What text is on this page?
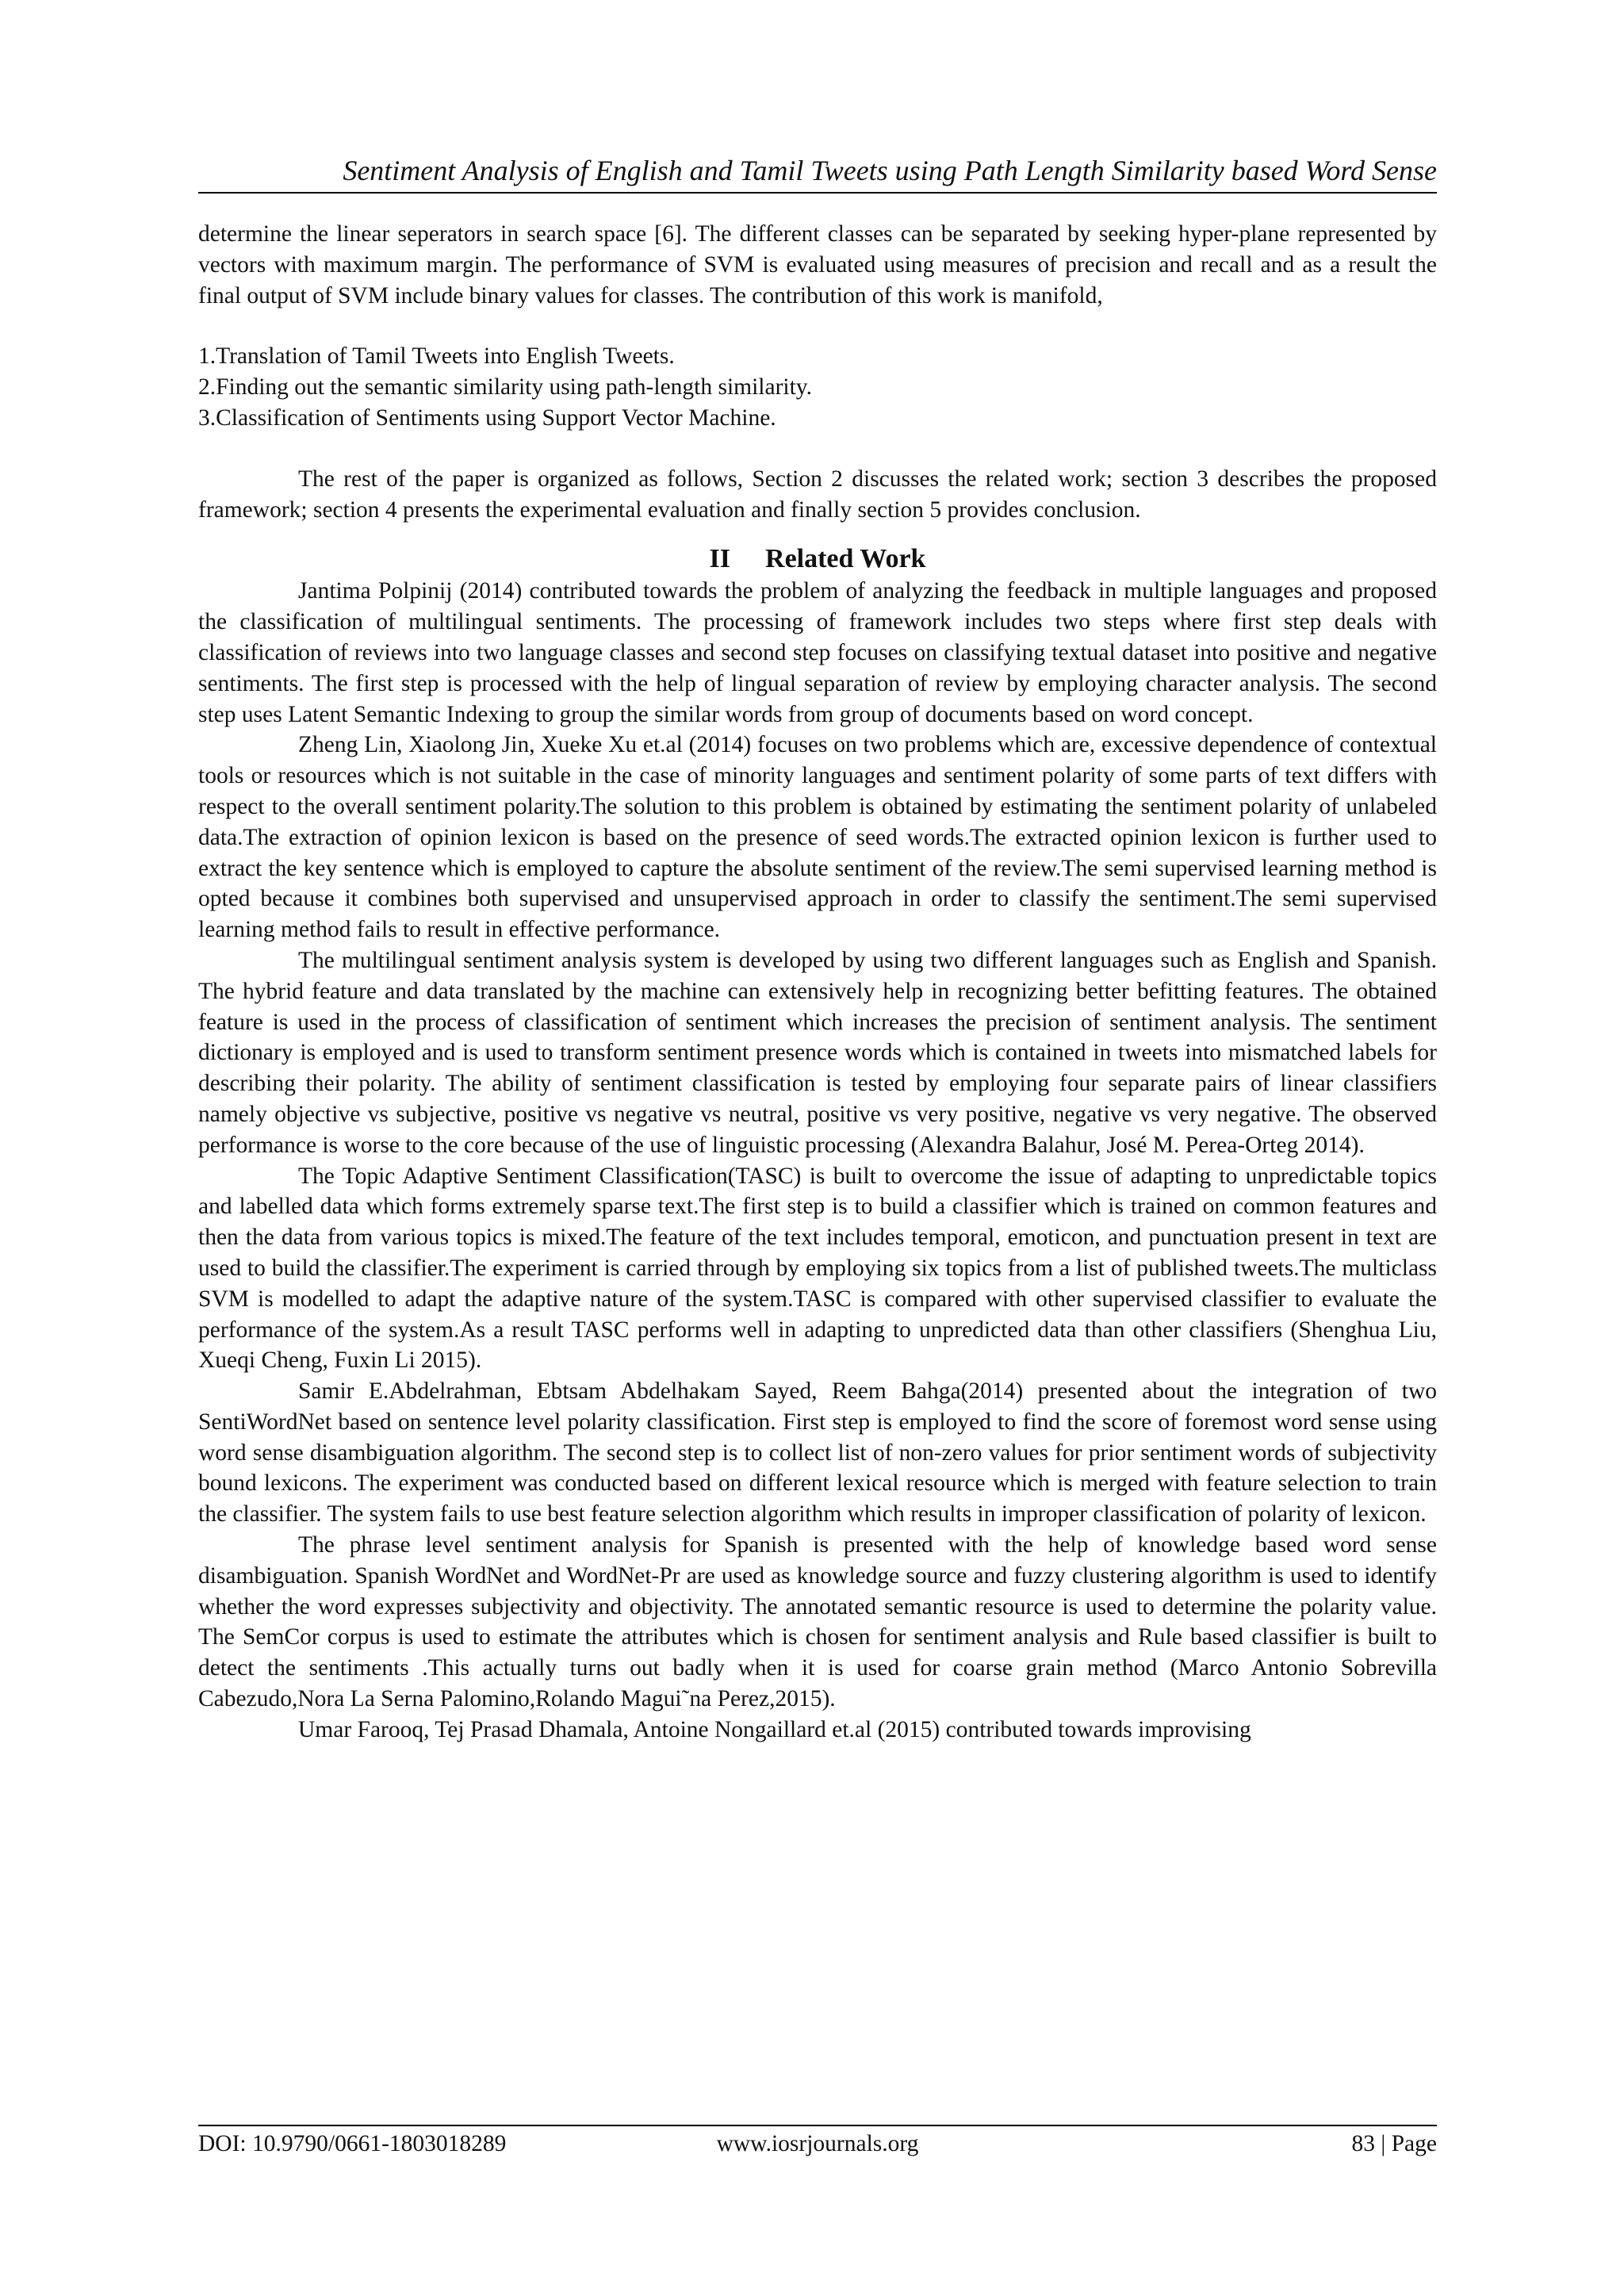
Sentiment Analysis of English and Tamil Tweets using Path Length Similarity based Word Sense

determine the linear seperators in search space [6]. The different classes can be separated by seeking hyper-plane represented by vectors with maximum margin. The performance of SVM is evaluated using measures of precision and recall and as a result the final output of SVM include binary values for classes. The contribution of this work is manifold,

1.Translation of Tamil Tweets into English Tweets.
2.Finding out the semantic similarity using path-length similarity.
3.Classification of Sentiments using Support Vector Machine.

The rest of the paper is organized as follows, Section 2 discusses the related work; section 3 describes the proposed framework; section 4 presents the experimental evaluation and finally section 5 provides conclusion.

II Related Work

Jantima Polpinij (2014) contributed towards the problem of analyzing the feedback in multiple languages and proposed the classification of multilingual sentiments. The processing of framework includes two steps where first step deals with classification of reviews into two language classes and second step focuses on classifying textual dataset into positive and negative sentiments. The first step is processed with the help of lingual separation of review by employing character analysis. The second step uses Latent Semantic Indexing to group the similar words from group of documents based on word concept.

Zheng Lin, Xiaolong Jin, Xueke Xu et.al (2014) focuses on two problems which are, excessive dependence of contextual tools or resources which is not suitable in the case of minority languages and sentiment polarity of some parts of text differs with respect to the overall sentiment polarity.The solution to this problem is obtained by estimating the sentiment polarity of unlabeled data.The extraction of opinion lexicon is based on the presence of seed words.The extracted opinion lexicon is further used to extract the key sentence which is employed to capture the absolute sentiment of the review.The semi supervised learning method is opted because it combines both supervised and unsupervised approach in order to classify the sentiment.The semi supervised learning method fails to result in effective performance.

The multilingual sentiment analysis system is developed by using two different languages such as English and Spanish. The hybrid feature and data translated by the machine can extensively help in recognizing better befitting features. The obtained feature is used in the process of classification of sentiment which increases the precision of sentiment analysis. The sentiment dictionary is employed and is used to transform sentiment presence words which is contained in tweets into mismatched labels for describing their polarity. The ability of sentiment classification is tested by employing four separate pairs of linear classifiers namely objective vs subjective, positive vs negative vs neutral, positive vs very positive, negative vs very negative. The observed performance is worse to the core because of the use of linguistic processing (Alexandra Balahur, José M. Perea-Orteg 2014).

The Topic Adaptive Sentiment Classification(TASC) is built to overcome the issue of adapting to unpredictable topics and labelled data which forms extremely sparse text.The first step is to build a classifier which is trained on common features and then the data from various topics is mixed.The feature of the text includes temporal, emoticon, and punctuation present in text are used to build the classifier.The experiment is carried through by employing six topics from a list of published tweets.The multiclass SVM is modelled to adapt the adaptive nature of the system.TASC is compared with other supervised classifier to evaluate the performance of the system.As a result TASC performs well in adapting to unpredicted data than other classifiers (Shenghua Liu, Xueqi Cheng, Fuxin Li 2015).

Samir E.Abdelrahman, Ebtsam Abdelhakam Sayed, Reem Bahga(2014) presented about the integration of two SentiWordNet based on sentence level polarity classification. First step is employed to find the score of foremost word sense using word sense disambiguation algorithm. The second step is to collect list of non-zero values for prior sentiment words of subjectivity bound lexicons. The experiment was conducted based on different lexical resource which is merged with feature selection to train the classifier. The system fails to use best feature selection algorithm which results in improper classification of polarity of lexicon.

The phrase level sentiment analysis for Spanish is presented with the help of knowledge based word sense disambiguation. Spanish WordNet and WordNet-Pr are used as knowledge source and fuzzy clustering algorithm is used to identify whether the word expresses subjectivity and objectivity. The annotated semantic resource is used to determine the polarity value. The SemCor corpus is used to estimate the attributes which is chosen for sentiment analysis and Rule based classifier is built to detect the sentiments .This actually turns out badly when it is used for coarse grain method (Marco Antonio Sobrevilla Cabezudo,Nora La Serna Palomino,Rolando Magui˜na Perez,2015).

Umar Farooq, Tej Prasad Dhamala, Antoine Nongaillard et.al (2015) contributed towards improvising

DOI: 10.9790/0661-1803018289	www.iosrjournals.org	83 | Page
